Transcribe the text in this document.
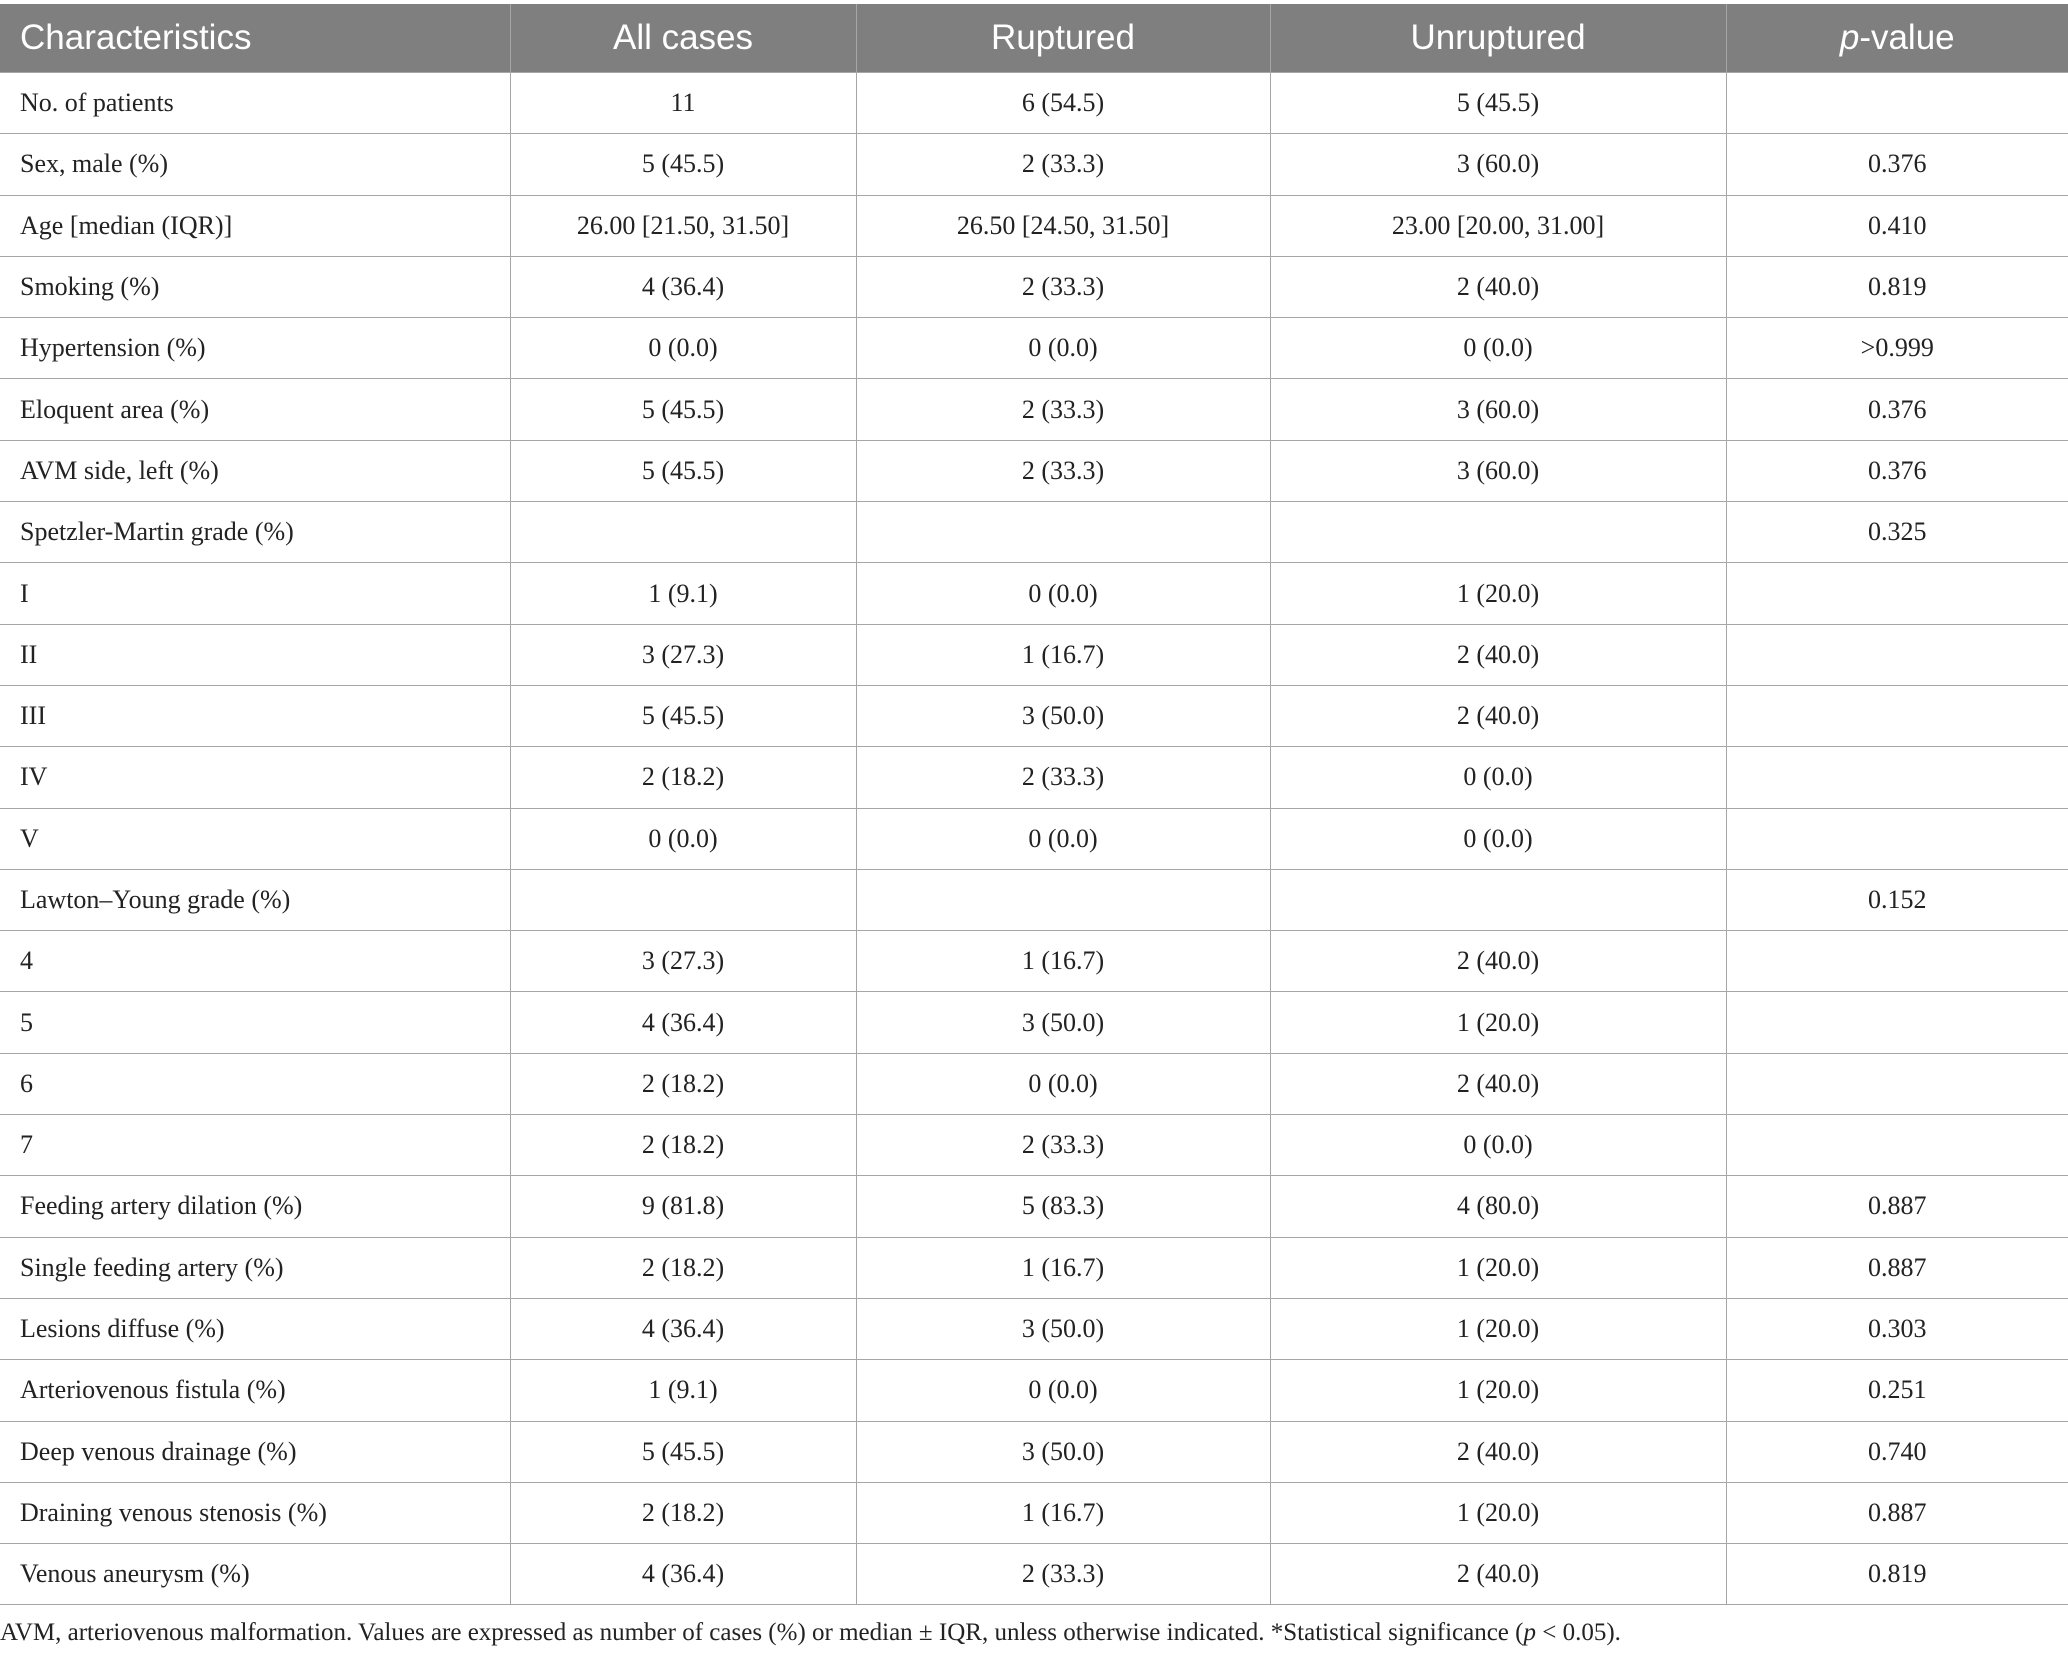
Characteristics	All cases	Ruptured	Unruptured	p-value
No. of patients	11	6 (54.5)	5 (45.5)	
Sex, male (%)	5 (45.5)	2 (33.3)	3 (60.0)	0.376
Age [median (IQR)]	26.00 [21.50, 31.50]	26.50 [24.50, 31.50]	23.00 [20.00, 31.00]	0.410
Smoking (%)	4 (36.4)	2 (33.3)	2 (40.0)	0.819
Hypertension (%)	0 (0.0)	0 (0.0)	0 (0.0)	>0.999
Eloquent area (%)	5 (45.5)	2 (33.3)	3 (60.0)	0.376
AVM side, left (%)	5 (45.5)	2 (33.3)	3 (60.0)	0.376
Spetzler-Martin grade (%)				0.325
I	1 (9.1)	0 (0.0)	1 (20.0)	
II	3 (27.3)	1 (16.7)	2 (40.0)	
III	5 (45.5)	3 (50.0)	2 (40.0)	
IV	2 (18.2)	2 (33.3)	0 (0.0)	
V	0 (0.0)	0 (0.0)	0 (0.0)	
Lawton–Young grade (%)				0.152
4	3 (27.3)	1 (16.7)	2 (40.0)	
5	4 (36.4)	3 (50.0)	1 (20.0)	
6	2 (18.2)	0 (0.0)	2 (40.0)	
7	2 (18.2)	2 (33.3)	0 (0.0)	
Feeding artery dilation (%)	9 (81.8)	5 (83.3)	4 (80.0)	0.887
Single feeding artery (%)	2 (18.2)	1 (16.7)	1 (20.0)	0.887
Lesions diffuse (%)	4 (36.4)	3 (50.0)	1 (20.0)	0.303
Arteriovenous fistula (%)	1 (9.1)	0 (0.0)	1 (20.0)	0.251
Deep venous drainage (%)	5 (45.5)	3 (50.0)	2 (40.0)	0.740
Draining venous stenosis (%)	2 (18.2)	1 (16.7)	1 (20.0)	0.887
Venous aneurysm (%)	4 (36.4)	2 (33.3)	2 (40.0)	0.819
AVM, arteriovenous malformation. Values are expressed as number of cases (%) or median ± IQR, unless otherwise indicated. *Statistical significance (p < 0.05).
